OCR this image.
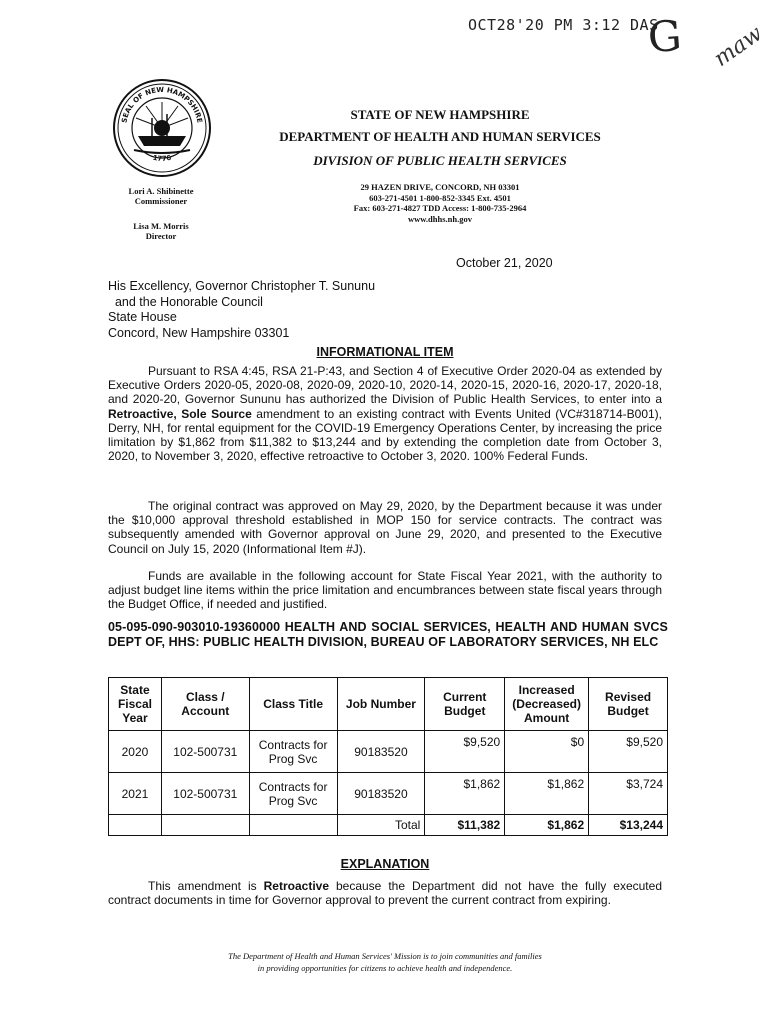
OCT28'20 PM 3:12 DAS
G maw
SEAL OF NEW HAMPSHIRE
1776
STATE OF NEW HAMPSHIRE
DEPARTMENT OF HEALTH AND HUMAN SERVICES
DIVISION OF PUBLIC HEALTH SERVICES
29 HAZEN DRIVE, CONCORD, NH 03301
603-271-4501 1-800-852-3345 Ext. 4501
Fax: 603-271-4827 TDD Access: 1-800-735-2964
www.dhhs.nh.gov
Lori A. Shibinette
Commissioner
Lisa M. Morris
Director
October 21, 2020
His Excellency, Governor Christopher T. Sununu
and the Honorable Council
State House
Concord, New Hampshire 03301
INFORMATIONAL ITEM

Pursuant to RSA 4:45, RSA 21-P:43, and Section 4 of Executive Order 2020-04 as extended by Executive Orders 2020-05, 2020-08, 2020-09, 2020-10, 2020-14, 2020-15, 2020-16, 2020-17, 2020-18, and 2020-20, Governor Sununu has authorized the Division of Public Health Services, to enter into a Retroactive, Sole Source amendment to an existing contract with Events United (VC#318714-B001), Derry, NH, for rental equipment for the COVID-19 Emergency Operations Center, by increasing the price limitation by $1,862 from $11,382 to $13,244 and by extending the completion date from October 3, 2020, to November 3, 2020, effective retroactive to October 3, 2020. 100% Federal Funds.

The original contract was approved on May 29, 2020, by the Department because it was under the $10,000 approval threshold established in MOP 150 for service contracts. The contract was subsequently amended with Governor approval on June 29, 2020, and presented to the Executive Council on July 15, 2020 (Informational Item #J).

Funds are available in the following account for State Fiscal Year 2021, with the authority to adjust budget line items within the price limitation and encumbrances between state fiscal years through the Budget Office, if needed and justified.

05-095-090-903010-19360000 HEALTH AND SOCIAL SERVICES, HEALTH AND HUMAN SVCS DEPT OF, HHS: PUBLIC HEALTH DIVISION, BUREAU OF LABORATORY SERVICES, NH ELC
State Fiscal Year	Class / Account	Class Title	Job Number	Current Budget	Increased (Decreased) Amount	Revised Budget
2020	102-500731	Contracts for Prog Svc	90183520	$9,520	$0	$9,520
2021	102-500731	Contracts for Prog Svc	90183520	$1,862	$1,862	$3,724
			Total	$11,382	$1,862	$13,244
EXPLANATION

This amendment is Retroactive because the Department did not have the fully executed contract documents in time for Governor approval to prevent the current contract from expiring.

The Department of Health and Human Services' Mission is to join communities and families
in providing opportunities for citizens to achieve health and independence.
